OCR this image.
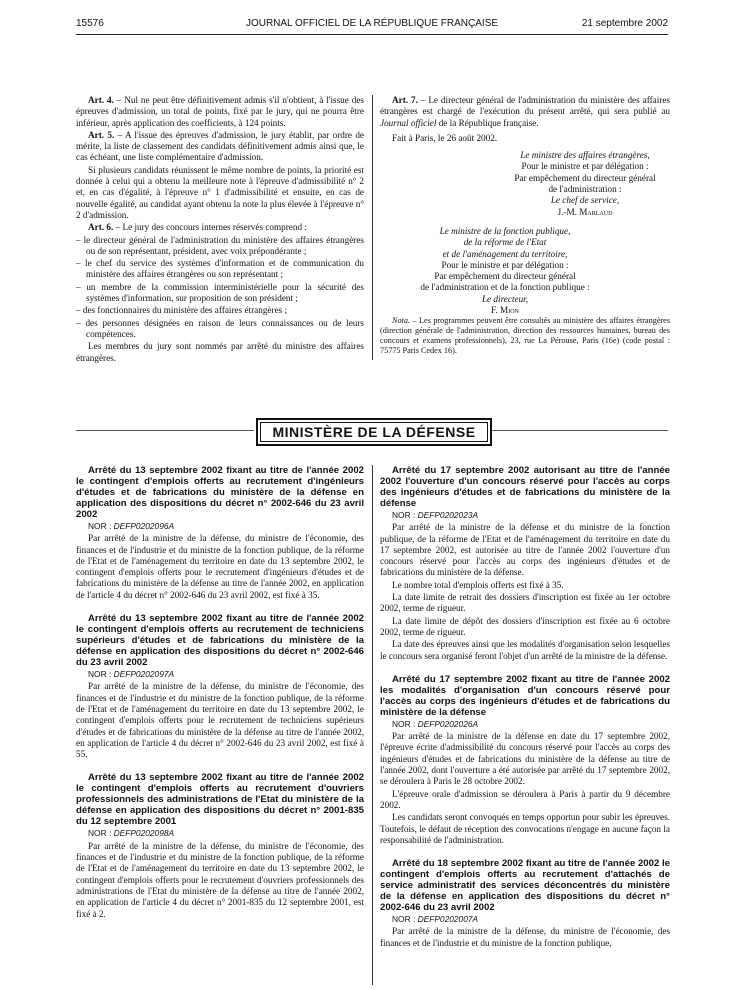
15576	JOURNAL OFFICIEL DE LA RÉPUBLIQUE FRANÇAISE	21 septembre 2002

Art. 4. – Nul ne peut être définitivement admis s'il n'obtient, à l'issue des épreuves d'admission, un total de points, fixé par le jury, qui ne pourra être inférieur, après application des coefficients, à 124 points.

Art. 5. – A l'issue des épreuves d'admission, le jury établit, par ordre de mérite, la liste de classement des candidats définitivement admis ainsi que, le cas échéant, une liste complémentaire d'admission.

Si plusieurs candidats réunissent le même nombre de points, la priorité est donnée à celui qui a obtenu la meilleure note à l'épreuve d'admissibilité n° 2 et, en cas d'égalité, à l'épreuve n° 1 d'admissibilité et ensuite, en cas de nouvelle égalité, au candidat ayant obtenu la note la plus élevée à l'épreuve n° 2 d'admission.

Art. 6. – Le jury des concours internes réservés comprend :

– le directeur général de l'administration du ministère des affaires étrangères ou de son représentant, président, avec voix prépondérante ;

– le chef du service des systèmes d'information et de communication du ministère des affaires étrangères ou son représentant ;

– un membre de la commission interministérielle pour la sécurité des systèmes d'information, sur proposition de son président ;

– des fonctionnaires du ministère des affaires étrangères ;

– des personnes désignées en raison de leurs connaissances ou de leurs compétences.

Les membres du jury sont nommés par arrêté du ministre des affaires étrangères.

Art. 7. – Le directeur général de l'administration du ministère des affaires étrangères est chargé de l'exécution du présent arrêté, qui sera publié au Journal officiel de la République française.

Fait à Paris, le 26 août 2002.

Le ministre des affaires étrangères,
Pour le ministre et par délégation :
Par empêchement du directeur général
de l'administration :
Le chef de service,
J.-M. Marlaud
Le ministre de la fonction publique,
de la réforme de l'Etat
et de l'aménagement du territoire,
Pour le ministre et par délégation :
Par empêchement du directeur général
de l'administration et de la fonction publique :
Le directeur,
F. Mion

Nota. – Les programmes peuvent être consultés au ministère des affaires étrangères (direction générale de l'administration, direction des ressources humaines, bureau des concours et examens professionnels), 23, rue La Pérouse, Paris (16e) (code postal : 75775 Paris Cedex 16).

MINISTÈRE DE LA DÉFENSE

Arrêté du 13 septembre 2002 fixant au titre de l'année 2002 le contingent d'emplois offerts au recrutement d'ingénieurs d'études et de fabrications du ministère de la défense en application des dispositions du décret n° 2002-646 du 23 avril 2002

NOR : DEFP0202096A

Par arrêté de la ministre de la défense, du ministre de l'économie, des finances et de l'industrie et du ministre de la fonction publique, de la réforme de l'Etat et de l'aménagement du territoire en date du 13 septembre 2002, le contingent d'emplois offerts pour le recrutement d'ingénieurs d'études et de fabrications du ministère de la défense au titre de l'année 2002, en application de l'article 4 du décret n° 2002-646 du 23 avril 2002, est fixé à 35.

Arrêté du 13 septembre 2002 fixant au titre de l'année 2002 le contingent d'emplois offerts au recrutement de techniciens supérieurs d'études et de fabrications du ministère de la défense en application des dispositions du décret n° 2002-646 du 23 avril 2002

NOR : DEFP0202097A

Par arrêté de la ministre de la défense, du ministre de l'économie, des finances et de l'industrie et du ministre de la fonction publique, de la réforme de l'Etat et de l'aménagement du territoire en date du 13 septembre 2002, le contingent d'emplois offerts pour le recrutement de techniciens supérieurs d'études et de fabrications du ministère de la défense au titre de l'année 2002, en application de l'article 4 du décret n° 2002-646 du 23 avril 2002, est fixé à 55.

Arrêté du 13 septembre 2002 fixant au titre de l'année 2002 le contingent d'emplois offerts au recrutement d'ouvriers professionnels des administrations de l'Etat du ministère de la défense en application des dispositions du décret n° 2001-835 du 12 septembre 2001

NOR : DEFP0202098A

Par arrêté de la ministre de la défense, du ministre de l'économie, des finances et de l'industrie et du ministre de la fonction publique, de la réforme de l'Etat et de l'aménagement du territoire en date du 13 septembre 2002, le contingent d'emplois offerts pour le recrutement d'ouvriers professionnels des administrations de l'Etat du ministère de la défense au titre de l'année 2002, en application de l'article 4 du décret n° 2001-835 du 12 septembre 2001, est fixé à 2.

Arrêté du 17 septembre 2002 autorisant au titre de l'année 2002 l'ouverture d'un concours réservé pour l'accès au corps des ingénieurs d'études et de fabrications du ministère de la défense

NOR : DEFP0202023A

Par arrêté de la ministre de la défense et du ministre de la fonction publique, de la réforme de l'Etat et de l'aménagement du territoire en date du 17 septembre 2002, est autorisée au titre de l'année 2002 l'ouverture d'un concours réservé pour l'accès au corps des ingénieurs d'études et de fabrications du ministère de la défense.

Le nombre total d'emplois offerts est fixé à 35.

La date limite de retrait des dossiers d'inscription est fixée au 1er octobre 2002, terme de rigueur.

La date limite de dépôt des dossiers d'inscription est fixée au 6 octobre 2002, terme de rigueur.

La date des épreuves ainsi que les modalités d'organisation selon lesquelles le concours sera organisé feront l'objet d'un arrêté de la ministre de la défense.

Arrêté du 17 septembre 2002 fixant au titre de l'année 2002 les modalités d'organisation d'un concours réservé pour l'accès au corps des ingénieurs d'études et de fabrications du ministère de la défense

NOR : DEFP0202026A

Par arrêté de la ministre de la défense en date du 17 septembre 2002, l'épreuve écrite d'admissibilité du concours réservé pour l'accès au corps des ingénieurs d'études et de fabrications du ministère de la défense au titre de l'année 2002, dont l'ouverture a été autorisée par arrêté du 17 septembre 2002, se déroulera à Paris le 28 octobre 2002.

L'épreuve orale d'admission se déroulera à Paris à partir du 9 décembre 2002.

Les candidats seront convoqués en temps opportun pour subir les épreuves. Toutefois, le défaut de réception des convocations n'engage en aucune façon la responsabilité de l'administration.

Arrêté du 18 septembre 2002 fixant au titre de l'année 2002 le contingent d'emplois offerts au recrutement d'attachés de service administratif des services déconcentrés du ministère de la défense en application des dispositions du décret n° 2002-646 du 23 avril 2002

NOR : DEFP0202007A

Par arrêté de la ministre de la défense, du ministre de l'économie, des finances et de l'industrie et du ministre de la fonction publique,
